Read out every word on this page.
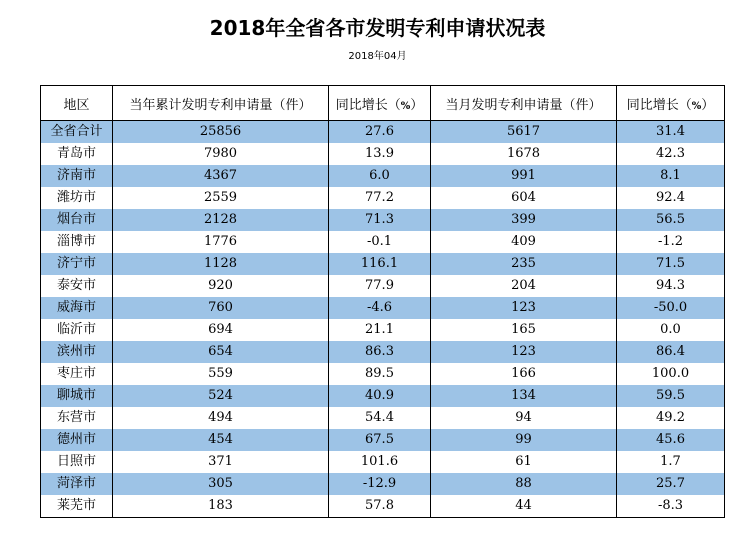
2018年全省各市发明专利申请状况表
2018年04月
地区	当年累计发明专利申请量（件）	同比增长（%）	当月发明专利申请量（件）	同比增长（%）
全省合计	25856	27.6	5617	31.4
青岛市	7980	13.9	1678	42.3
济南市	4367	6.0	991	8.1
潍坊市	2559	77.2	604	92.4
烟台市	2128	71.3	399	56.5
淄博市	1776	-0.1	409	-1.2
济宁市	1128	116.1	235	71.5
泰安市	920	77.9	204	94.3
威海市	760	-4.6	123	-50.0
临沂市	694	21.1	165	0.0
滨州市	654	86.3	123	86.4
枣庄市	559	89.5	166	100.0
聊城市	524	40.9	134	59.5
东营市	494	54.4	94	49.2
德州市	454	67.5	99	45.6
日照市	371	101.6	61	1.7
菏泽市	305	-12.9	88	25.7
莱芜市	183	57.8	44	-8.3
